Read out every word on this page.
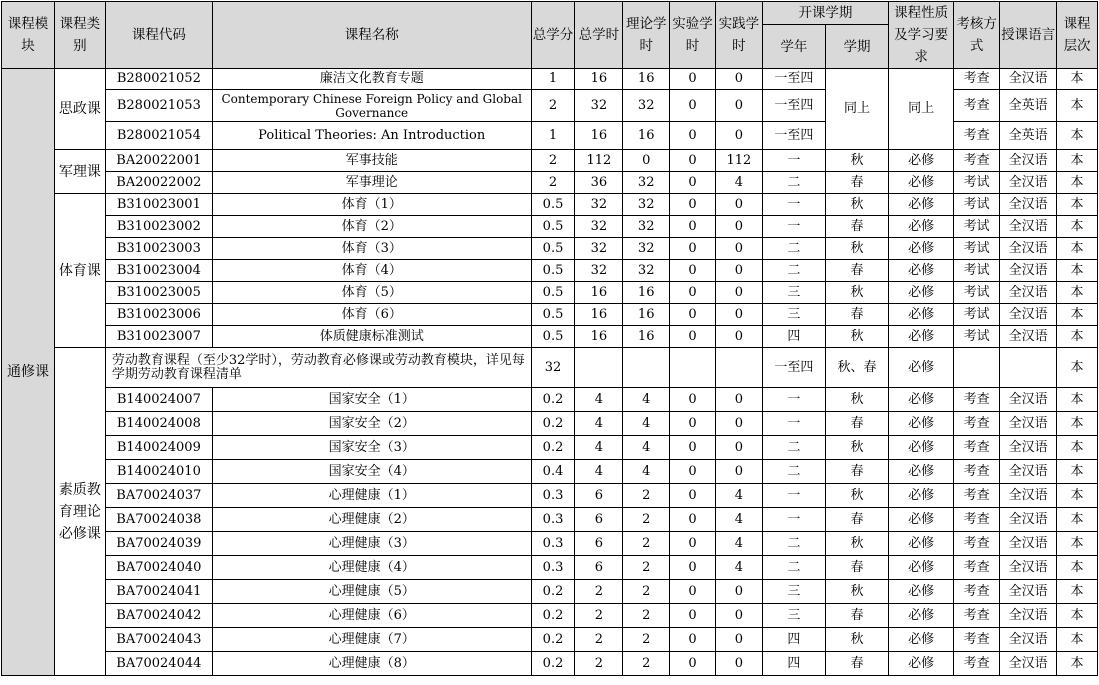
课程模块	课程类别	课程代码	课程名称	总学分	总学时	理论学时	实验学时	实践学时	开课学期		课程性质及学习要求	考核方式	授课语言	课程层次
									学年	学期				

通修课	思政课	B280021052	廉洁文化教育专题	1	16	16	0	0	一至四	同上	同上	考查	全汉语	本
		B280021053	Contemporary Chinese Foreign Policy and Global Governance	2	32	32	0	0	一至四			考查	全英语	本
		B280021054	Political Theories: An Introduction	1	16	16	0	0	一至四			考查	全英语	本
	军理课	BA20022001	军事技能	2	112	0	0	112	一	秋	必修	考查	全汉语	本
		BA20022002	军事理论	2	36	32	0	4	二	春	必修	考试	全汉语	本
	体育课	B310023001	体育（1）	0.5	32	32	0	0	一	秋	必修	考试	全汉语	本
		B310023002	体育（2）	0.5	32	32	0	0	一	春	必修	考试	全汉语	本
		B310023003	体育（3）	0.5	32	32	0	0	二	秋	必修	考试	全汉语	本
		B310023004	体育（4）	0.5	32	32	0	0	二	春	必修	考试	全汉语	本
		B310023005	体育（5）	0.5	16	16	0	0	三	秋	必修	考试	全汉语	本
		B310023006	体育（6）	0.5	16	16	0	0	三	春	必修	考试	全汉语	本
		B310023007	体质健康标准测试	0.5	16	16	0	0	四	秋	必修	考试	全汉语	本
	素质教育理论必修课	劳动教育课程（至少32学时），劳动教育必修课或劳动教育模块，详见每学期劳动教育课程清单		32					一至四	秋、春	必修			本
		B140024007	国家安全（1）	0.2	4	4	0	0	一	秋	必修	考查	全汉语	本
		B140024008	国家安全（2）	0.2	4	4	0	0	一	春	必修	考查	全汉语	本
		B140024009	国家安全（3）	0.2	4	4	0	0	二	秋	必修	考查	全汉语	本
		B140024010	国家安全（4）	0.4	4	4	0	0	二	春	必修	考查	全汉语	本
		BA70024037	心理健康（1）	0.3	6	2	0	4	一	秋	必修	考查	全汉语	本
		BA70024038	心理健康（2）	0.3	6	2	0	4	一	春	必修	考查	全汉语	本
		BA70024039	心理健康（3）	0.3	6	2	0	4	二	秋	必修	考查	全汉语	本
		BA70024040	心理健康（4）	0.3	6	2	0	4	二	春	必修	考查	全汉语	本
		BA70024041	心理健康（5）	0.2	2	2	0	0	三	秋	必修	考查	全汉语	本
		BA70024042	心理健康（6）	0.2	2	2	0	0	三	春	必修	考查	全汉语	本
		BA70024043	心理健康（7）	0.2	2	2	0	0	四	秋	必修	考查	全汉语	本
		BA70024044	心理健康（8）	0.2	2	2	0	0	四	春	必修	考查	全汉语	本
